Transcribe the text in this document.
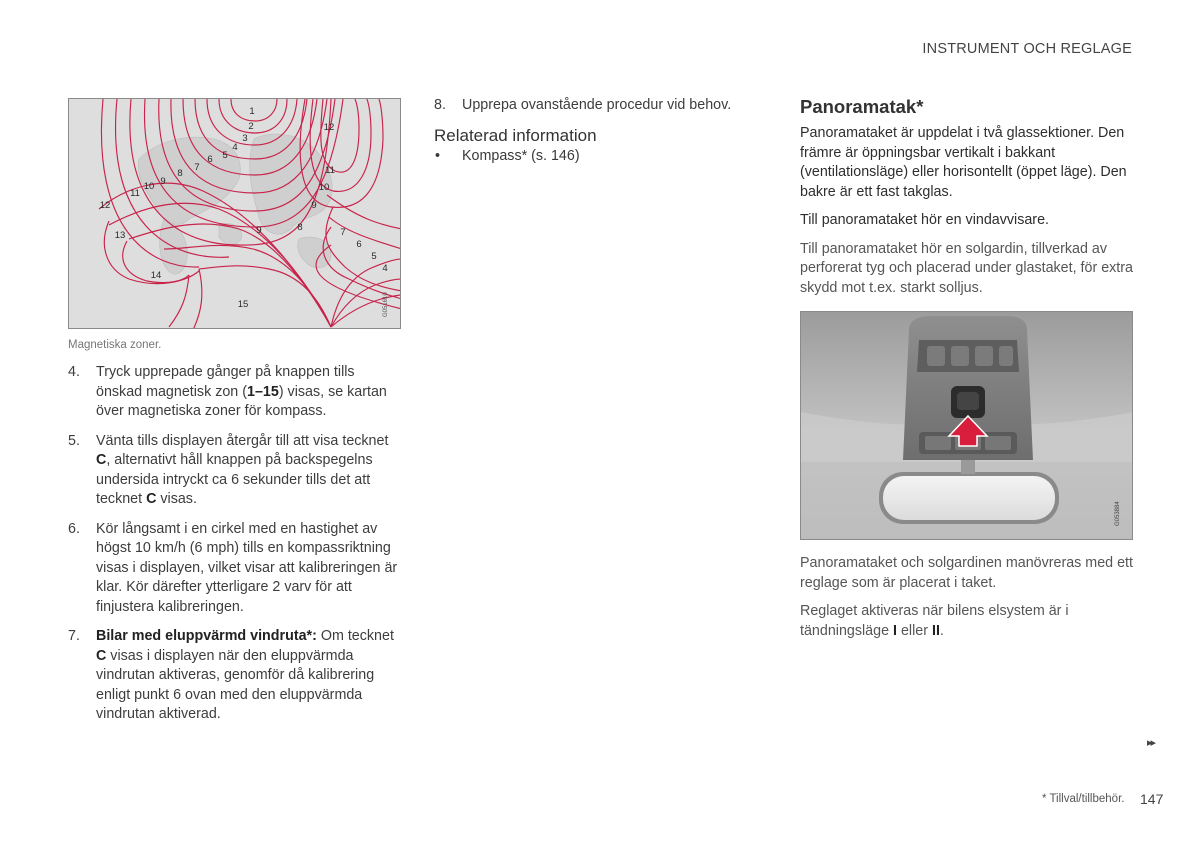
INSTRUMENT OCH REGLAGE
1
2
3
4
5
6
7
8
9
10
11
12
12
11
10
9
9	8	7
6
5
4
13
14
15	G051610
Magnetiska zoner.
4.	Tryck upprepade gånger på knappen tills önskad magnetisk zon (1–15) visas, se kartan över magnetiska zoner för kompass.
5.	Vänta tills displayen återgår till att visa tecknet C, alternativt håll knappen på backspegelns undersida intryckt ca 6 sekunder tills det att tecknet C visas.
6.	Kör långsamt i en cirkel med en hastighet av högst 10 km/h (6 mph) tills en kompassriktning visas i displayen, vilket visar att kalibreringen är klar. Kör därefter ytterligare 2 varv för att finjustera kalibreringen.
7.	Bilar med eluppvärmd vindruta*: Om tecknet C visas i displayen när den eluppvärmda vindrutan aktiveras, genomför då kalibrering enligt punkt 6 ovan med den eluppvärmda vindrutan aktiverad.
8.	Upprepa ovanstående procedur vid behov.
Relaterad information
•	Kompass* (s. 146)
Panoramatak*

Panoramataket är uppdelat i två glassektioner. Den främre är öppningsbar vertikalt i bakkant (ventilationsläge) eller horisontellt (öppet läge). Den bakre är ett fast takglas.

Till panoramataket hör en vindavvisare.

Till panoramataket hör en solgardin, tillverkad av perforerat tyg och placerad under glastaket, för extra skydd mot t.ex. starkt solljus.

G053884

Panoramataket och solgardinen manövreras med ett reglage som är placerat i taket.

Reglaget aktiveras när bilens elsystem är i tändningsläge I eller II.

▸▸
* Tillval/tillbehör. 147
